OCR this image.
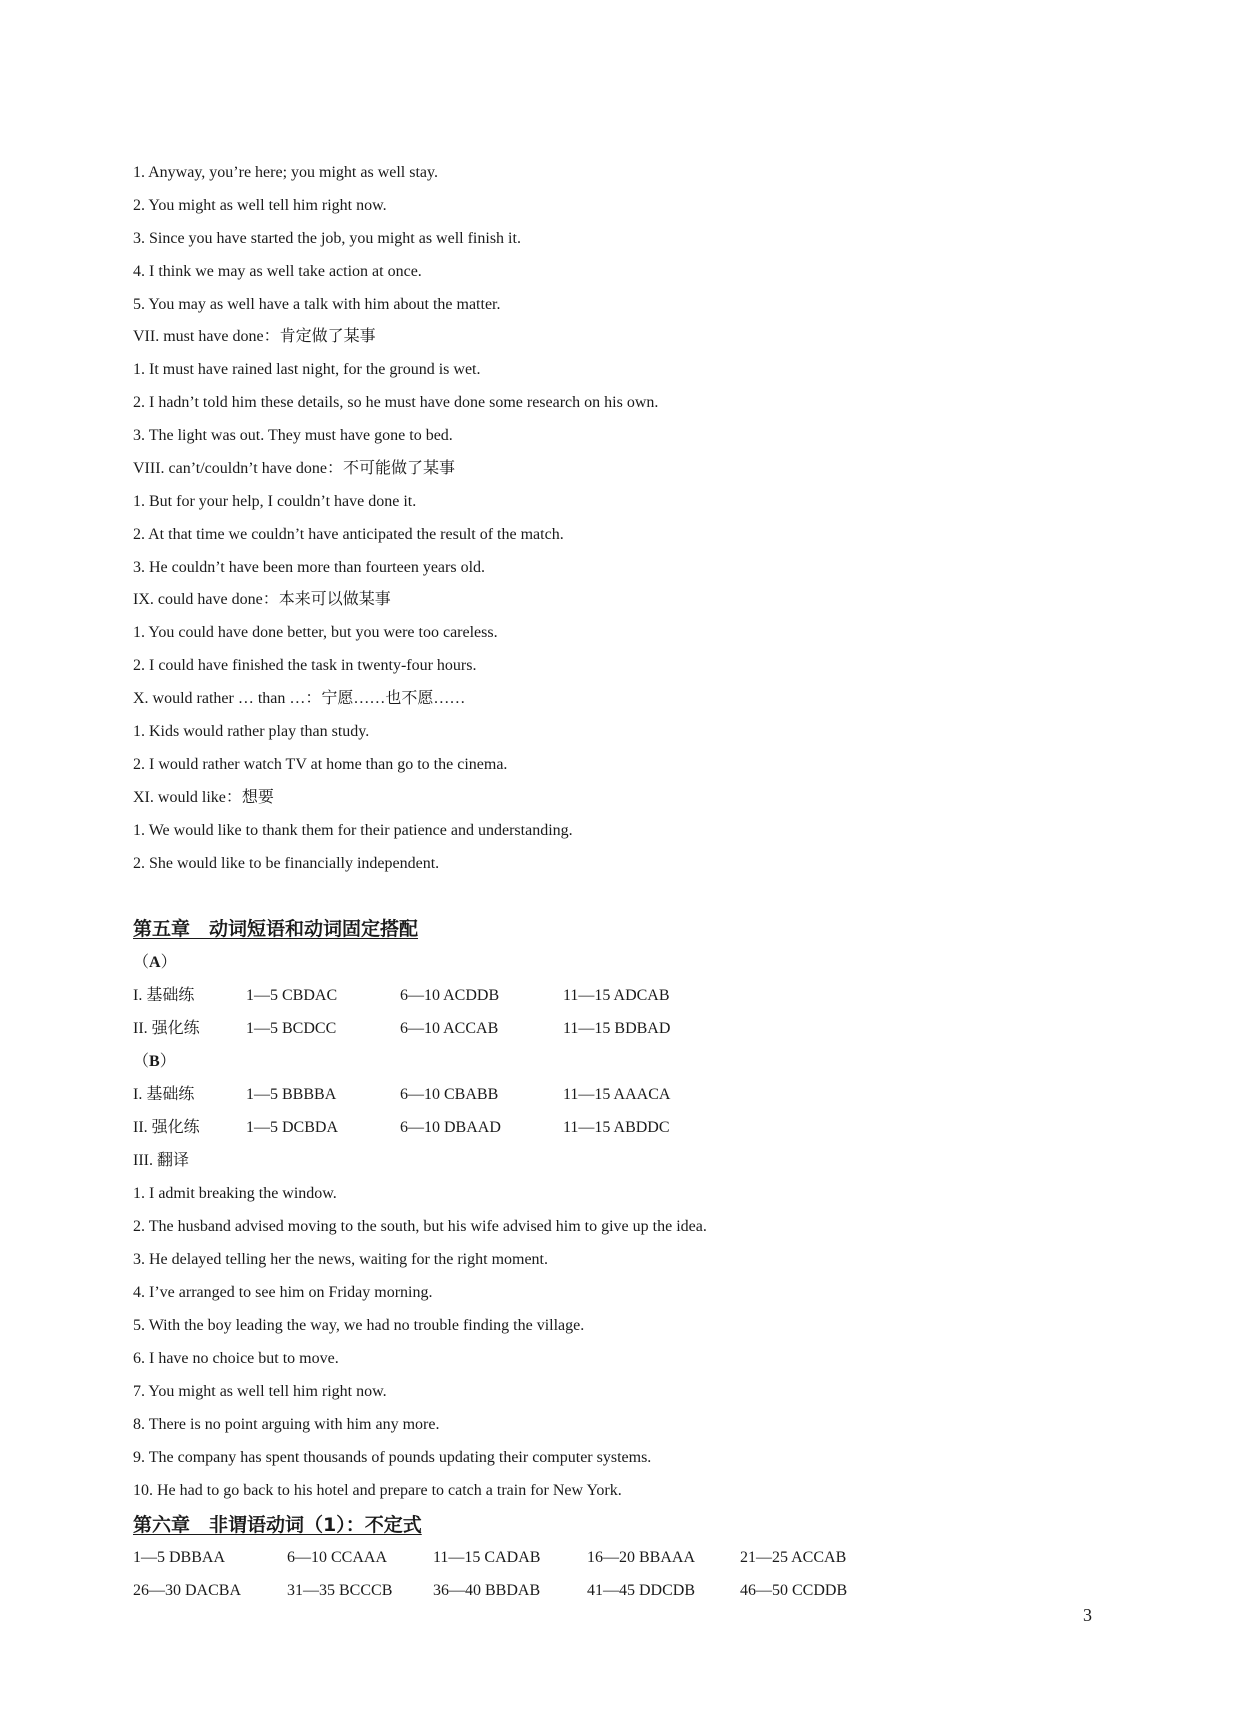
1. Anyway, you’re here; you might as well stay.
2. You might as well tell him right now.
3. Since you have started the job, you might as well finish it.
4. I think we may as well take action at once.
5. You may as well have a talk with him about the matter.
VII. must have done：肯定做了某事
1. It must have rained last night, for the ground is wet.
2. I hadn’t told him these details, so he must have done some research on his own.
3. The light was out. They must have gone to bed.
VIII. can’t/couldn’t have done：不可能做了某事
1. But for your help, I couldn’t have done it.
2. At that time we couldn’t have anticipated the result of the match.
3. He couldn’t have been more than fourteen years old.
IX. could have done：本来可以做某事
1. You could have done better, but you were too careless.
2. I could have finished the task in twenty-four hours.
X. would rather … than …：宁愿……也不愿……
1. Kids would rather play than study.
2. I would rather watch TV at home than go to the cinema.
XI. would like：想要
1. We would like to thank them for their patience and understanding.
2. She would like to be financially independent.
第五章　动词短语和动词固定搭配
（A）
I. 基础练	1—5 CBDAC	6—10 ACDDB	11—15 ADCAB
II. 强化练	1—5 BCDCC	6—10 ACCAB	11—15 BDBAD
（B）
I. 基础练	1—5 BBBBA	6—10 CBABB	11—15 AAACA
II. 强化练	1—5 DCBDA	6—10 DBAAD	11—15 ABDDC
III. 翻译
1. I admit breaking the window.
2. The husband advised moving to the south, but his wife advised him to give up the idea.
3. He delayed telling her the news, waiting for the right moment.
4. I’ve arranged to see him on Friday morning.
5. With the boy leading the way, we had no trouble finding the village.
6. I have no choice but to move.
7. You might as well tell him right now.
8. There is no point arguing with him any more.
9. The company has spent thousands of pounds updating their computer systems.
10. He had to go back to his hotel and prepare to catch a train for New York.
第六章　非谓语动词（1）：不定式
1—5 DBBAA	6—10 CCAAA	11—15 CADAB	16—20 BBAAA	21—25 ACCAB
26—30 DACBA	31—35 BCCCB	36—40 BBDAB	41—45 DDCDB	46—50 CCDDB
3
